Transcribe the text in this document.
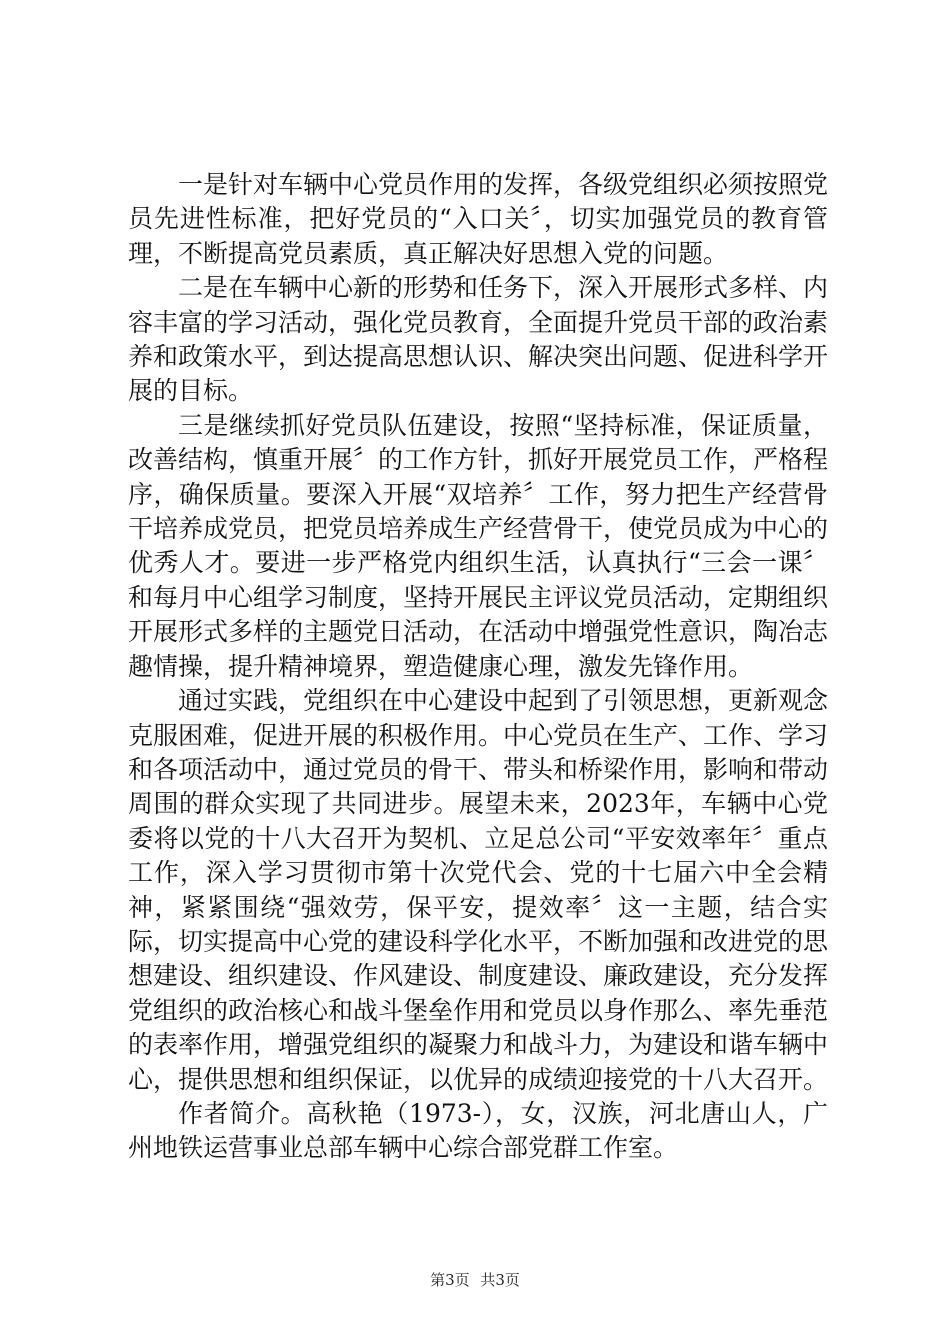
一是针对车辆中心党员作用的发挥，各级党组织必须按照党员先进性标准，把好党员的“入口关〞，切实加强党员的教育管理，不断提高党员素质，真正解决好思想入党的问题。

二是在车辆中心新的形势和任务下，深入开展形式多样、内容丰富的学习活动，强化党员教育，全面提升党员干部的政治素养和政策水平，到达提高思想认识、解决突出问题、促进科学开展的目标。

三是继续抓好党员队伍建设，按照“坚持标准，保证质量，改善结构，慎重开展〞的工作方针，抓好开展党员工作，严格程序，确保质量。要深入开展“双培养〞工作，努力把生产经营骨干培养成党员，把党员培养成生产经营骨干，使党员成为中心的优秀人才。要进一步严格党内组织生活，认真执行“三会一课〞和每月中心组学习制度，坚持开展民主评议党员活动，定期组织开展形式多样的主题党日活动，在活动中增强党性意识，陶冶志趣情操，提升精神境界，塑造健康心理，激发先锋作用。

通过实践，党组织在中心建设中起到了引领思想，更新观念克服困难，促进开展的积极作用。中心党员在生产、工作、学习和各项活动中，通过党员的骨干、带头和桥梁作用，影响和带动周围的群众实现了共同进步。展望未来，2023年，车辆中心党委将以党的十八大召开为契机、立足总公司“平安效率年〞重点工作，深入学习贯彻市第十次党代会、党的十七届六中全会精神，紧紧围绕“强效劳，保平安，提效率〞这一主题，结合实际，切实提高中心党的建设科学化水平，不断加强和改进党的思想建设、组织建设、作风建设、制度建设、廉政建设，充分发挥党组织的政治核心和战斗堡垒作用和党员以身作那么、率先垂范的表率作用，增强党组织的凝聚力和战斗力，为建设和谐车辆中心，提供思想和组织保证，以优异的成绩迎接党的十八大召开。

作者简介。高秋艳（1973-），女，汉族，河北唐山人，广州地铁运营事业总部车辆中心综合部党群工作室。

第3页 共3页
